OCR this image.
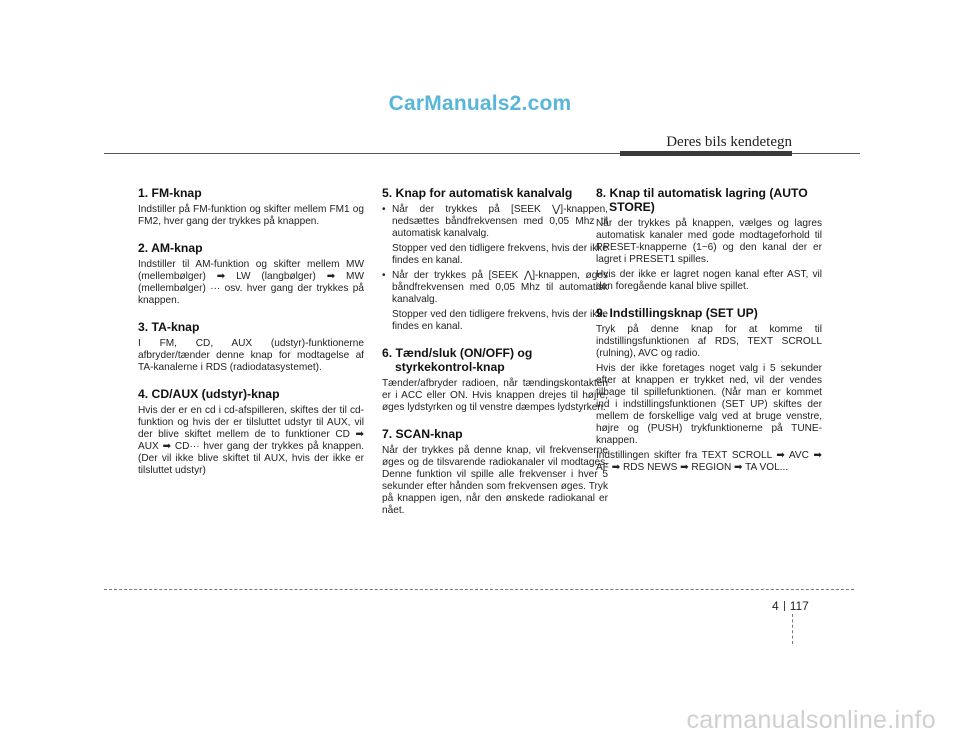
CarManuals2.com
Deres bils kendetegn
1. FM-knap
Indstiller på FM-funktion og skifter mellem FM1 og FM2, hver gang der trykkes på knappen.
2. AM-knap
Indstiller til AM-funktion og skifter mellem MW (mellembølger) ➡ LW (langbølger) ➡ MW (mellembølger) ··· osv. hver gang der trykkes på knappen.
3. TA-knap
I FM, CD, AUX (udstyr)-funktionerne afbryder/tænder denne knap for modtagelse af TA-kanalerne i RDS (radiodatasystemet).
4. CD/AUX (udstyr)-knap
Hvis der er en cd i cd-afspilleren, skiftes der til cd-funktion og hvis der er tilsluttet udstyr til AUX, vil der blive skiftet mellem de to funktioner CD ➡ AUX ➡ CD··· hver gang der trykkes på knappen. (Der vil ikke blive skiftet til AUX, hvis der ikke er tilsluttet udstyr)
5. Knap for automatisk kanalvalg
• Når der trykkes på [SEEK ⋁]-knappen, nedsættes båndfrekvensen med 0,05 Mhz til automatisk kanalvalg.
Stopper ved den tidligere frekvens, hvis der ikke findes en kanal.
• Når der trykkes på [SEEK ⋀]-knappen, øges båndfrekvensen med 0,05 Mhz til automatisk kanalvalg.
Stopper ved den tidligere frekvens, hvis der ikke findes en kanal.
6. Tænd/sluk (ON/OFF) og styrkekontrol-knap
Tænder/afbryder radioen, når tændingskontakten er i ACC eller ON. Hvis knappen drejes til højre, øges lydstyrken og til venstre dæmpes lydstyrken.
7. SCAN-knap
Når der trykkes på denne knap, vil frekvenserne øges og de tilsvarende radiokanaler vil modtages. Denne funktion vil spille alle frekvenser i hver 5 sekunder efter hånden som frekvensen øges. Tryk på knappen igen, når den ønskede radiokanal er nået.
8. Knap til automatisk lagring (AUTO STORE)
Når der trykkes på knappen, vælges og lagres automatisk kanaler med gode modtageforhold til PRESET-knapperne (1~6) og den kanal der er lagret i PRESET1 spilles.
Hvis der ikke er lagret nogen kanal efter AST, vil den foregående kanal blive spillet.
9. Indstillingsknap (SET UP)
Tryk på denne knap for at komme til indstillingsfunktionen af RDS, TEXT SCROLL (rulning), AVC og radio.
Hvis der ikke foretages noget valg i 5 sekunder efter at knappen er trykket ned, vil der vendes tilbage til spillefunktionen. (Når man er kommet ind i indstillingsfunktionen (SET UP) skiftes der mellem de forskellige valg ved at bruge venstre, højre og (PUSH) trykfunktionerne på TUNE-knappen.
Indstillingen skifter fra TEXT SCROLL ➡ AVC ➡ AF ➡ RDS NEWS ➡ REGION ➡ TA VOL...
4 117
carmanualsonline.info
